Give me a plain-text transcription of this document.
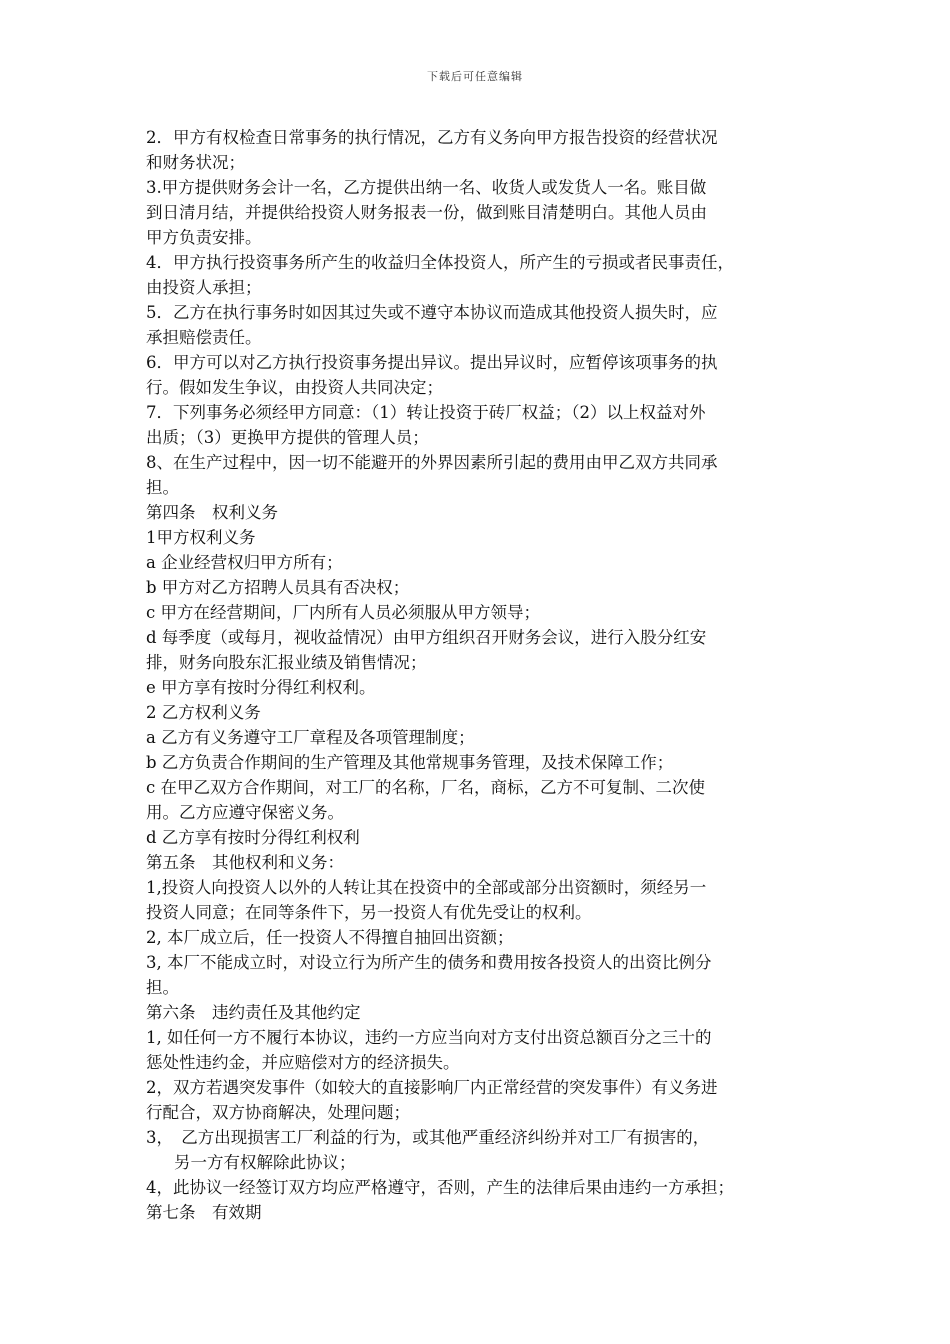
下载后可任意编辑
2．甲方有权检查日常事务的执行情况，乙方有义务向甲方报告投资的经营状况
和财务状况；
3.甲方提供财务会计一名，乙方提供出纳一名、收货人或发货人一名。账目做
到日清月结，并提供给投资人财务报表一份，做到账目清楚明白。其他人员由
甲方负责安排。
4．甲方执行投资事务所产生的收益归全体投资人，所产生的亏损或者民事责任，
由投资人承担；
5．乙方在执行事务时如因其过失或不遵守本协议而造成其他投资人损失时，应
承担赔偿责任。
6．甲方可以对乙方执行投资事务提出异议。提出异议时，应暂停该项事务的执
行。假如发生争议，由投资人共同决定；
7．下列事务必须经甲方同意：（1）转让投资于砖厂权益；（2）以上权益对外
出质；（3）更换甲方提供的管理人员；
8、在生产过程中，因一切不能避开的外界因素所引起的费用由甲乙双方共同承
担。
第四条　权利义务
1甲方权利义务
a 企业经营权归甲方所有；
b 甲方对乙方招聘人员具有否决权；
c 甲方在经营期间，厂内所有人员必须服从甲方领导；
d 每季度（或每月，视收益情况）由甲方组织召开财务会议，进行入股分红安
排，财务向股东汇报业绩及销售情况；
e 甲方享有按时分得红利权利。
2 乙方权利义务
a 乙方有义务遵守工厂章程及各项管理制度；
b 乙方负责合作期间的生产管理及其他常规事务管理，及技术保障工作；
c 在甲乙双方合作期间，对工厂的名称，厂名，商标，乙方不可复制、二次使
用。乙方应遵守保密义务。
d 乙方享有按时分得红利权利
第五条　其他权利和义务：
1,投资人向投资人以外的人转让其在投资中的全部或部分出资额时，须经另一
投资人同意；在同等条件下，另一投资人有优先受让的权利。
2, 本厂成立后，任一投资人不得擅自抽回出资额；
3, 本厂不能成立时，对设立行为所产生的债务和费用按各投资人的出资比例分
担。
第六条　违约责任及其他约定
1, 如任何一方不履行本协议，违约一方应当向对方支付出资总额百分之三十的
惩处性违约金，并应赔偿对方的经济损失。
2，双方若遇突发事件（如较大的直接影响厂内正常经营的突发事件）有义务进
行配合，双方协商解决，处理问题；
3，　乙方出现损害工厂利益的行为，或其他严重经济纠纷并对工厂有损害的，
另一方有权解除此协议；
4，此协议一经签订双方均应严格遵守，否则，产生的法律后果由违约一方承担；
第七条　有效期
